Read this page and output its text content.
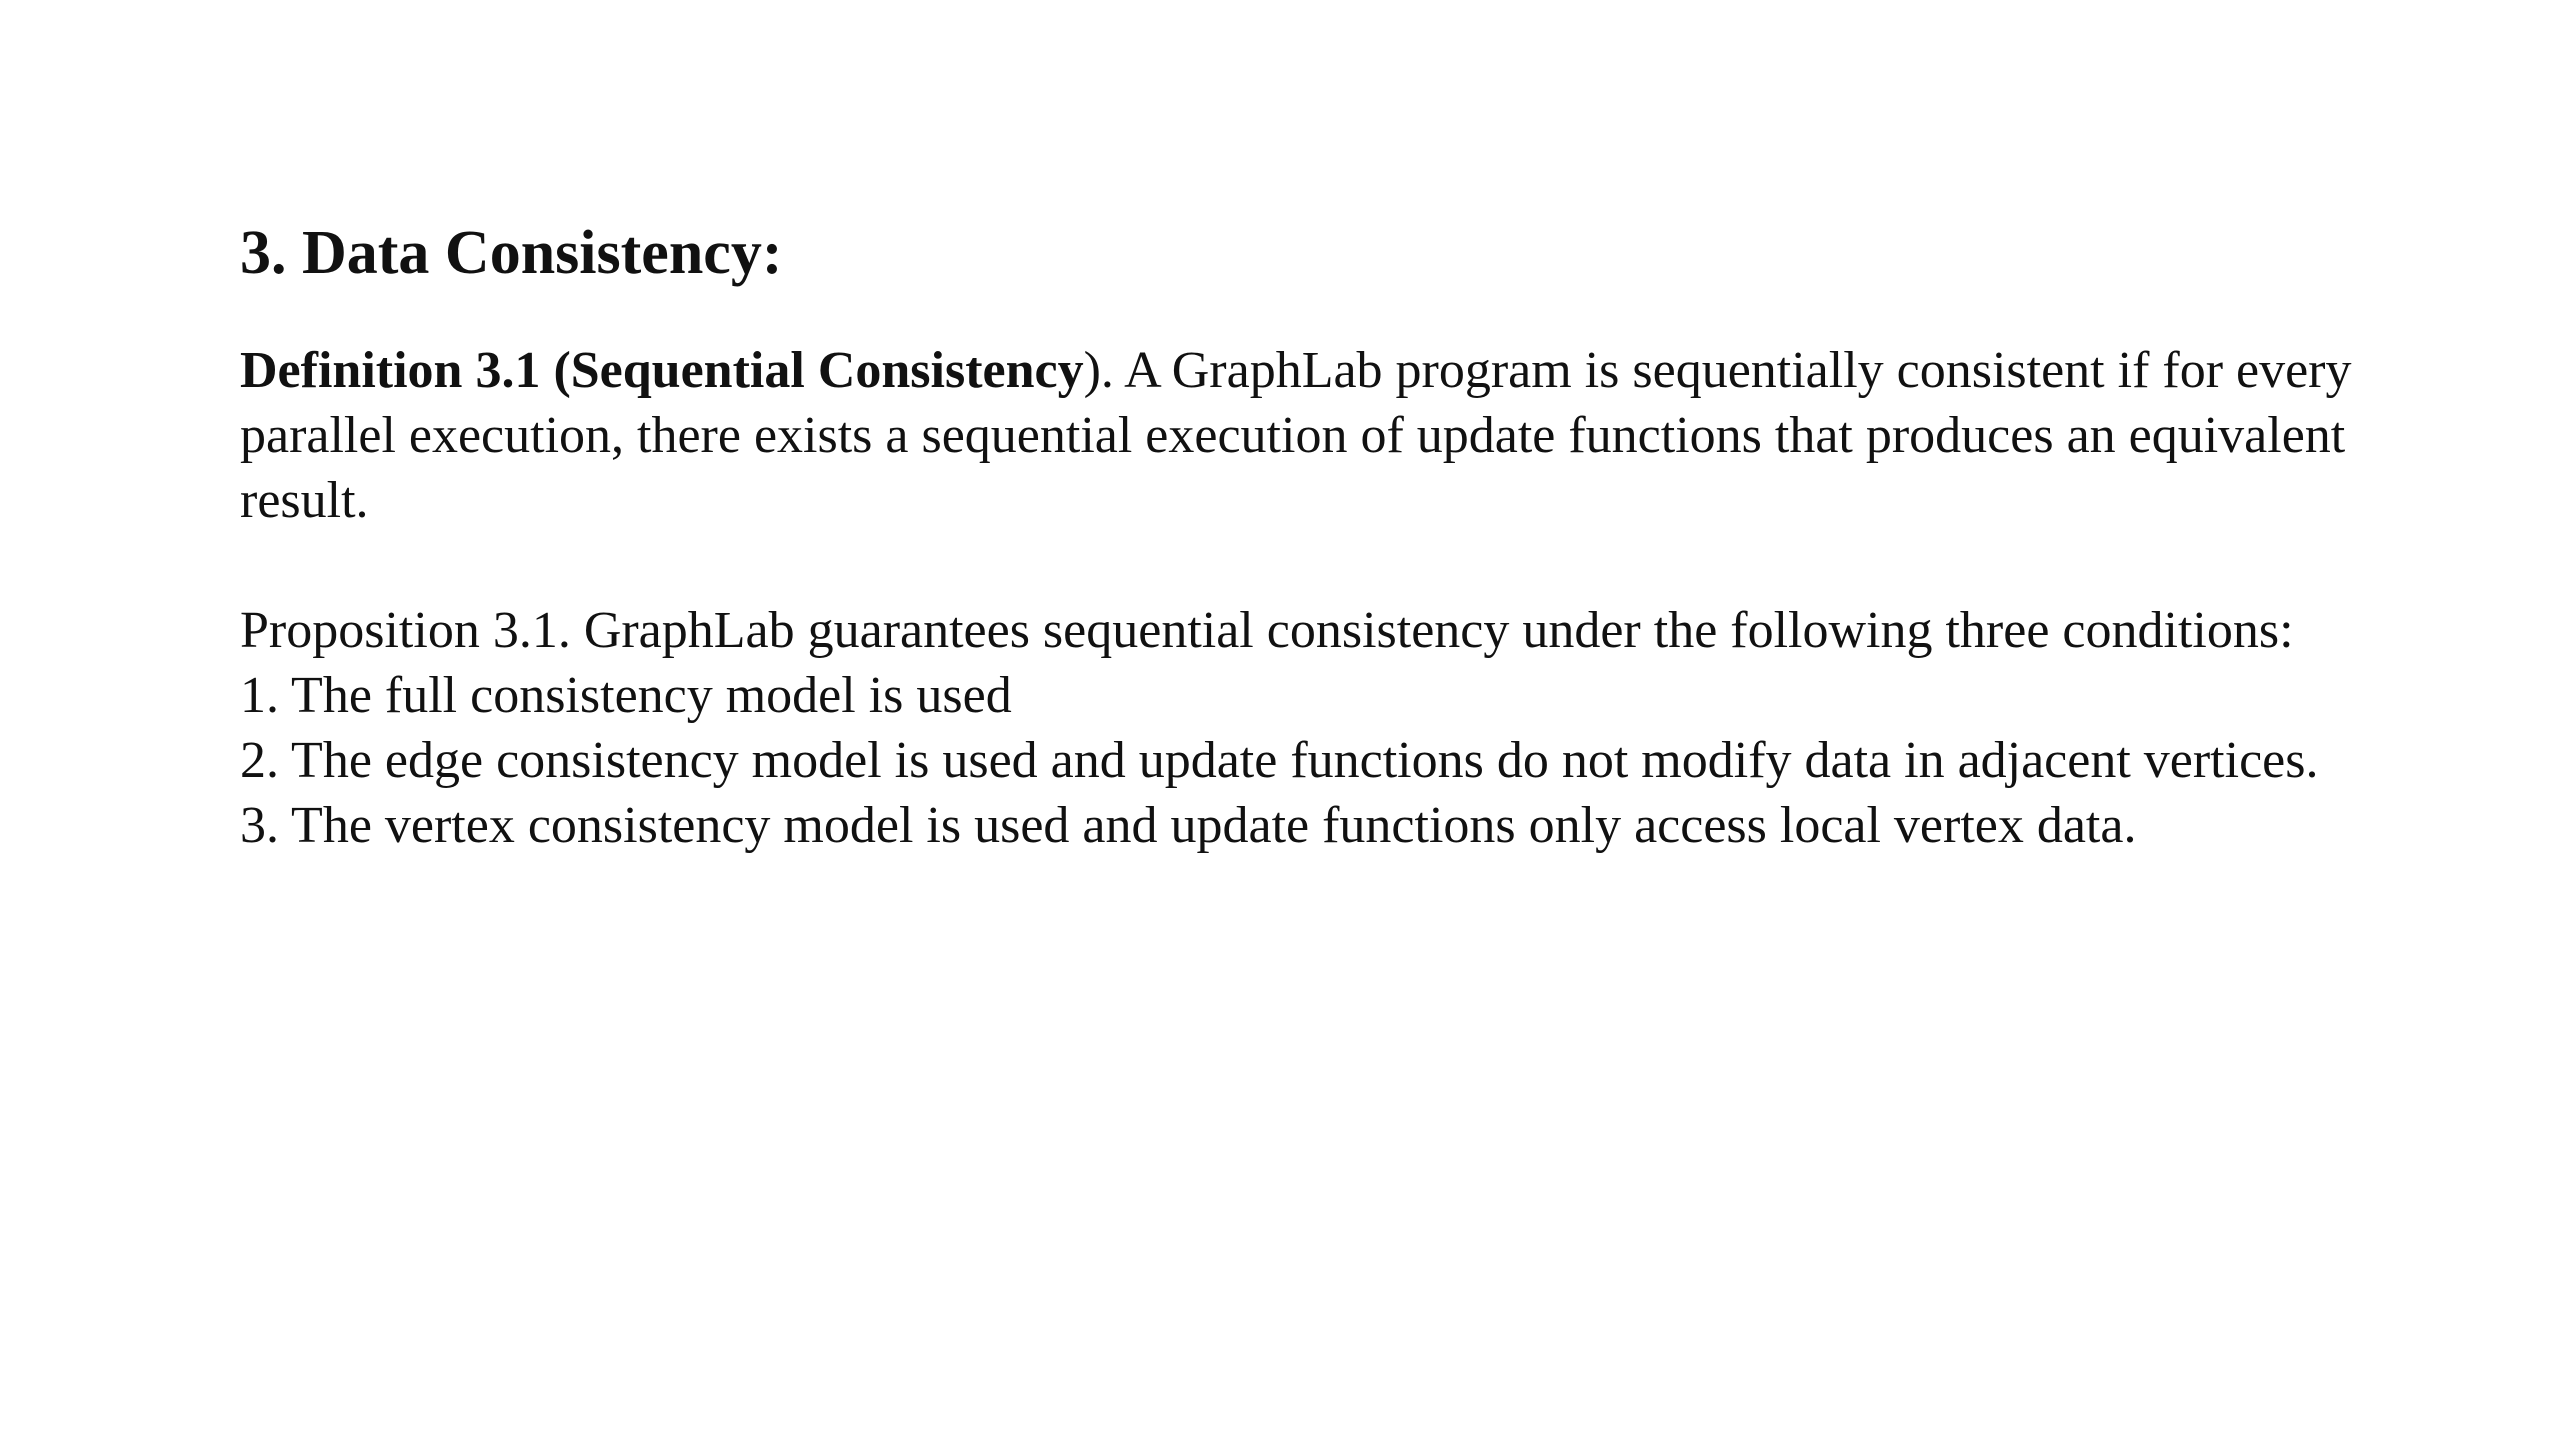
3. Data Consistency:

Definition 3.1 (Sequential Consistency). A GraphLab program is sequentially consistent if for every parallel execution, there exists a sequential execution of update functions that produces an equivalent result.

Proposition 3.1. GraphLab guarantees sequential consistency under the following three conditions:

1. The full consistency model is used
2. The edge consistency model is used and update functions do not modify data in adjacent vertices.
3. The vertex consistency model is used and update functions only access local vertex data.
